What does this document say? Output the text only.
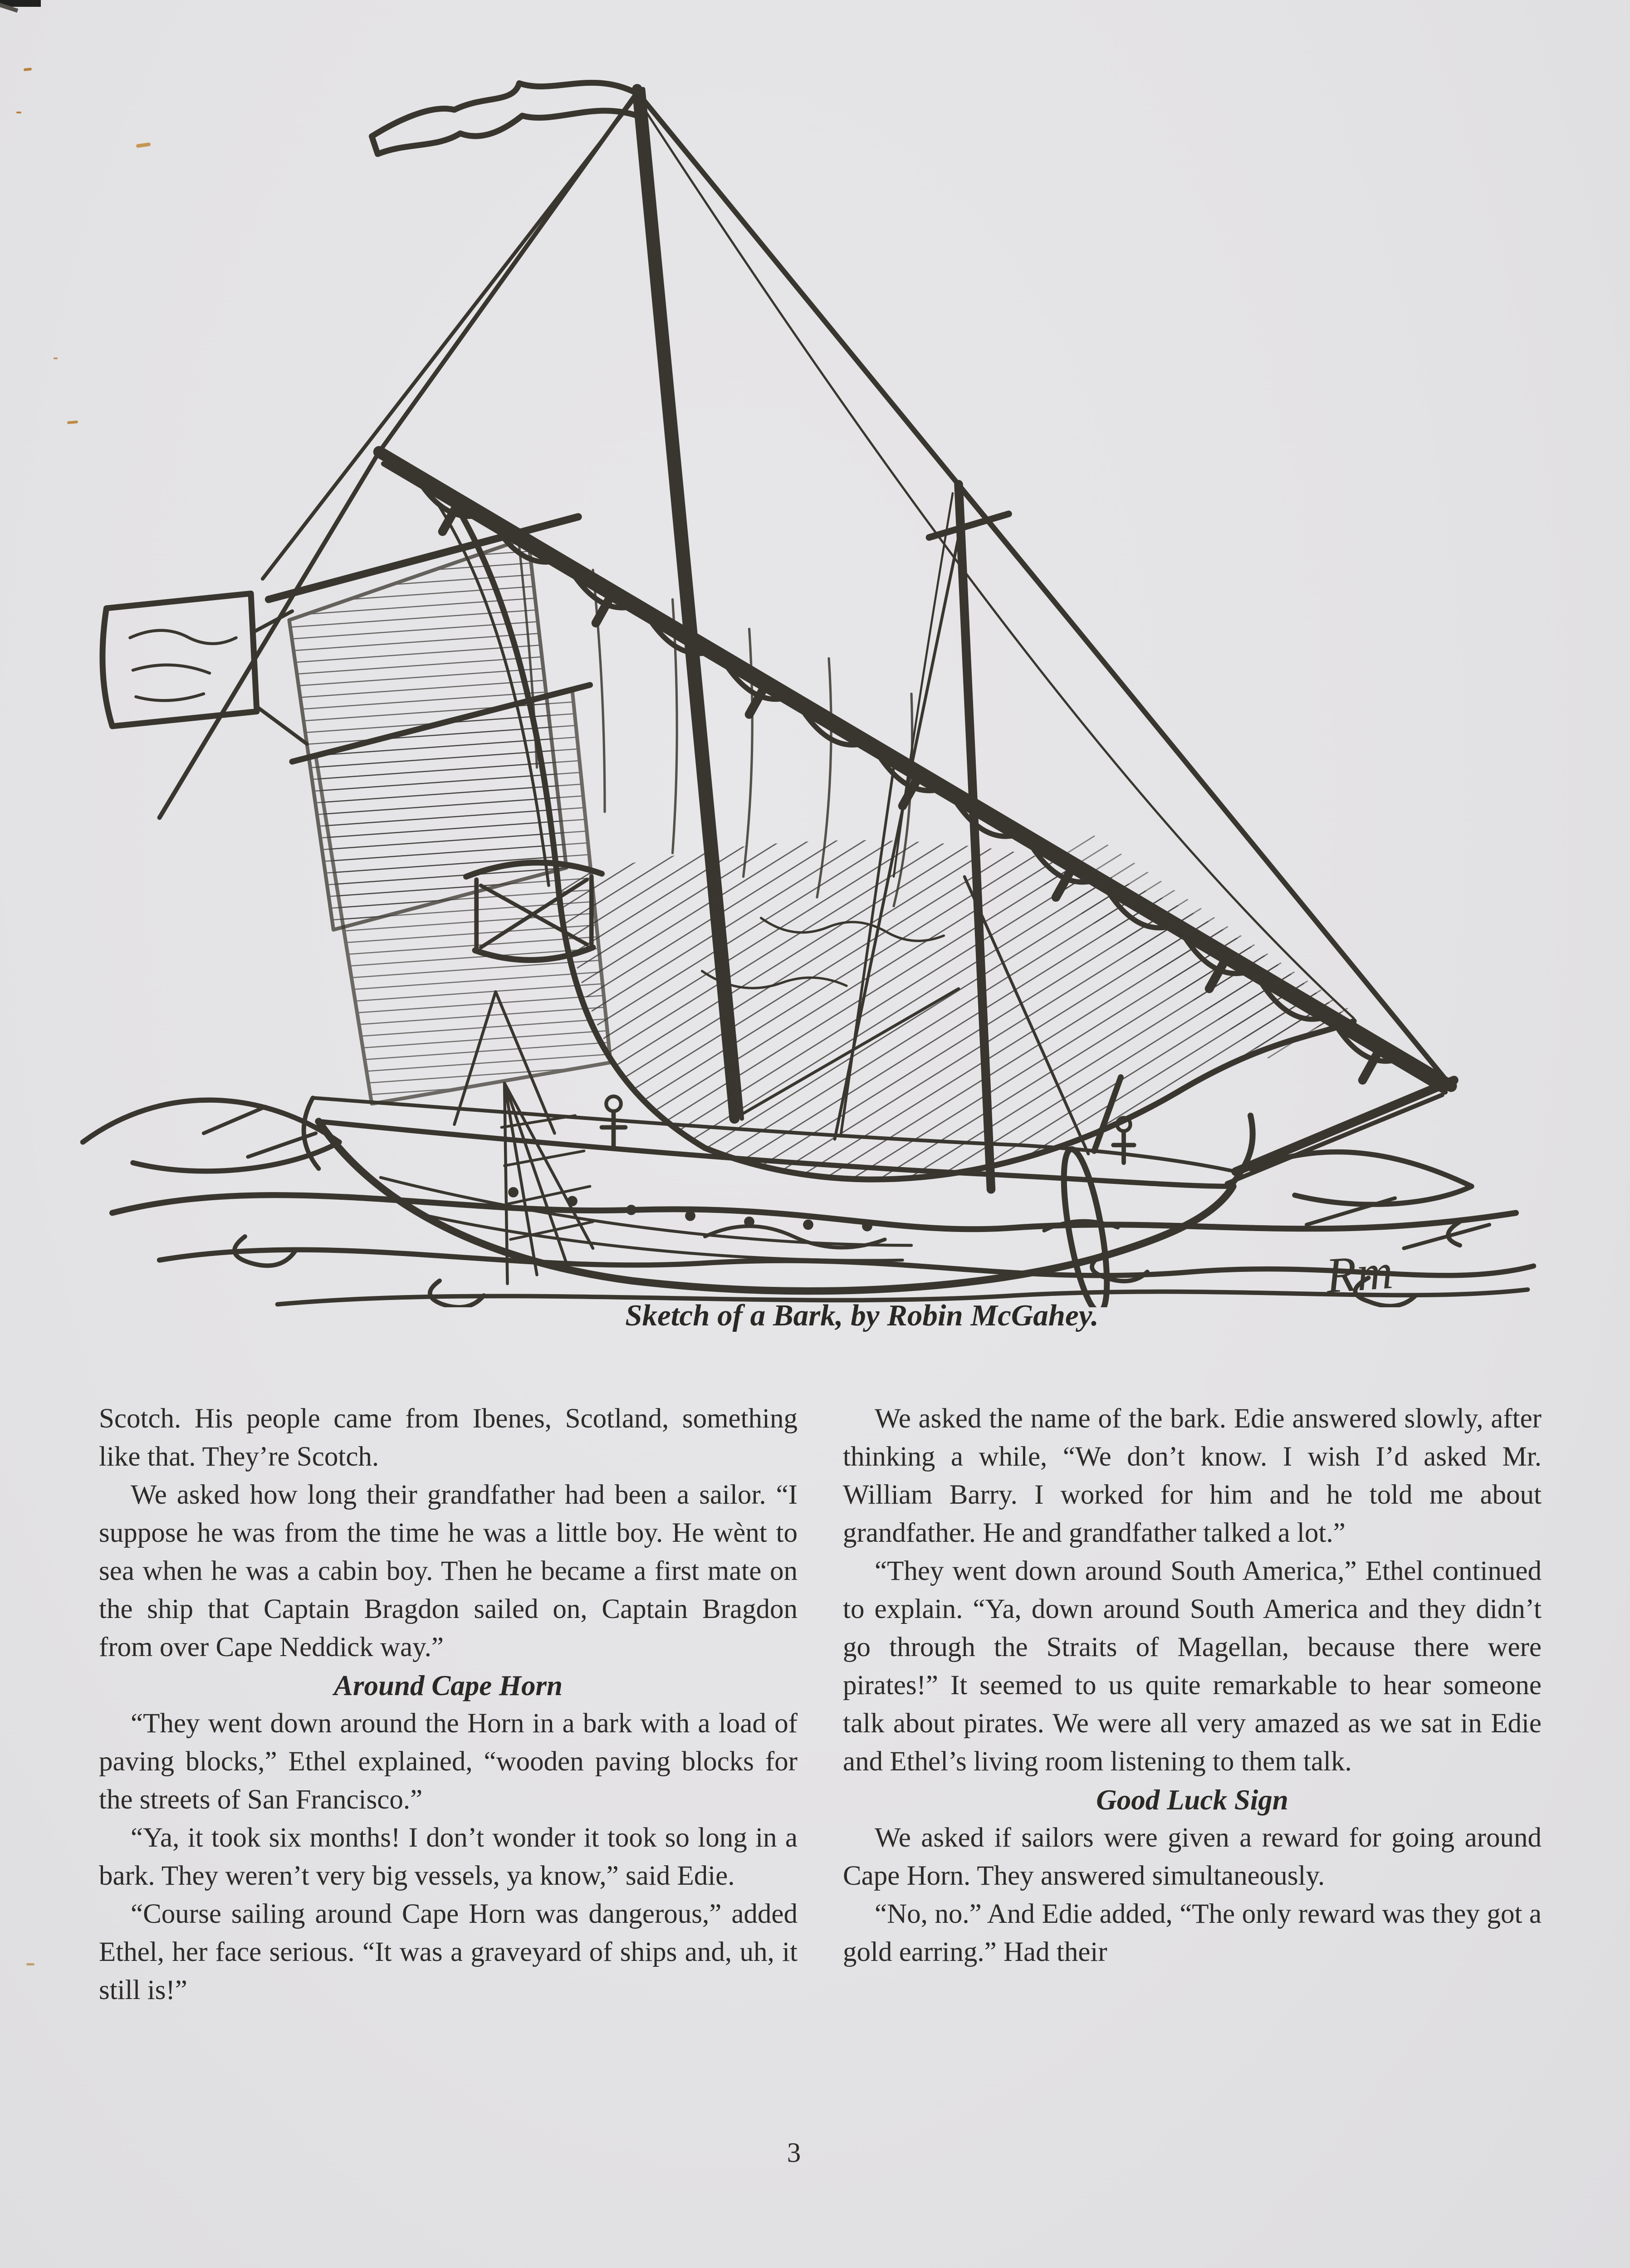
Rm
Sketch of a Bark, by Robin McGahey.

Scotch. His people came from Ibenes, Scotland, something like that. They’re Scotch.

We asked how long their grandfather had been a sailor. “I suppose he was from the time he was a little boy. He wènt to sea when he was a cabin boy. Then he became a first mate on the ship that Captain Bragdon sailed on, Captain Bragdon from over Cape Neddick way.”

Around Cape Horn

“They went down around the Horn in a bark with a load of paving blocks,” Ethel explained, “wooden paving blocks for the streets of San Francisco.”

“Ya, it took six months! I don’t wonder it took so long in a bark. They weren’t very big vessels, ya know,” said Edie.

“Course sailing around Cape Horn was dangerous,” added Ethel, her face serious. “It was a graveyard of ships and, uh, it still is!”

We asked the name of the bark. Edie answered slowly, after thinking a while, “We don’t know. I wish I’d asked Mr. William Barry. I worked for him and he told me about grandfather. He and grandfather talked a lot.”

“They went down around South America,” Ethel continued to explain. “Ya, down around South America and they didn’t go through the Straits of Magellan, because there were pirates!” It seemed to us quite remarkable to hear someone talk about pirates. We were all very amazed as we sat in Edie and Ethel’s living room listening to them talk.

Good Luck Sign

We asked if sailors were given a reward for going around Cape Horn. They answered simultaneously.

“No, no.” And Edie added, “The only reward was they got a gold earring.” Had their

3
